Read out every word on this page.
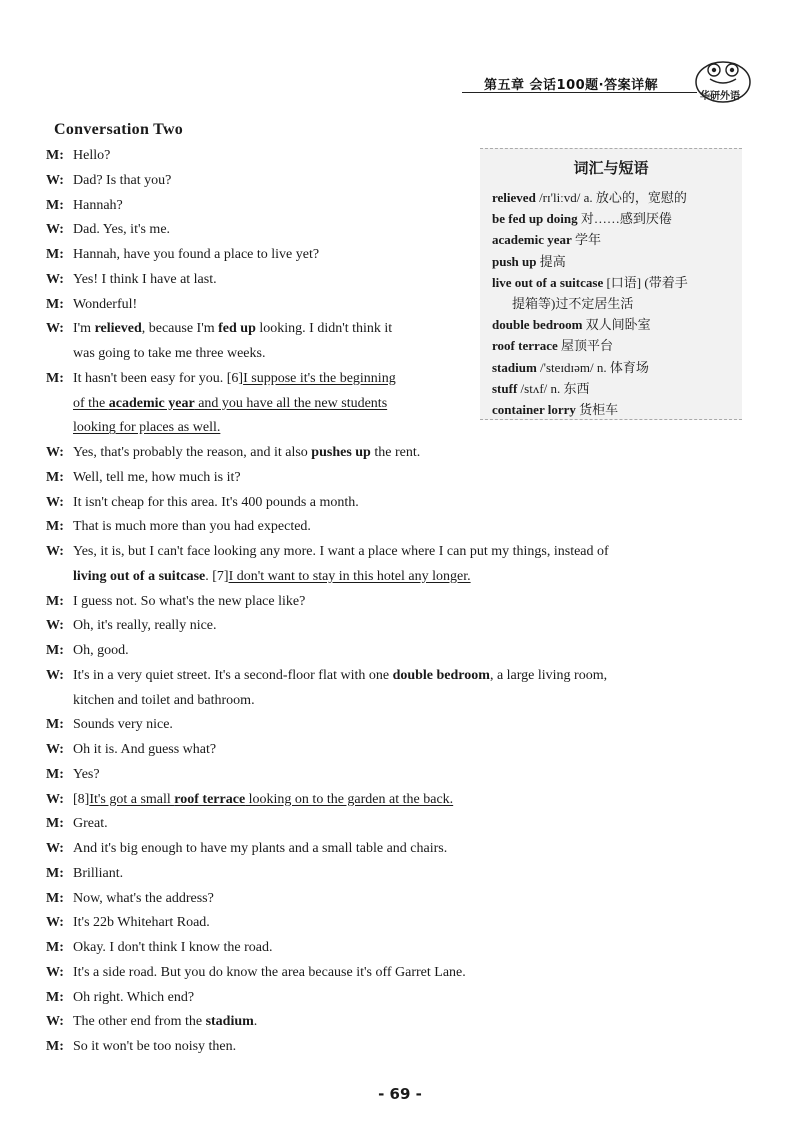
第五章 会话100题·答案详解
华研外语
Conversation Two
M: Hello?
W: Dad? Is that you?
M: Hannah?
W: Dad. Yes, it's me.
M: Hannah, have you found a place to live yet?
W: Yes! I think I have at last.
M: Wonderful!
W: I'm relieved, because I'm fed up looking. I didn't think it
was going to take me three weeks.
M: It hasn't been easy for you. [6]I suppose it's the beginning
of the academic year and you have all the new students
looking for places as well.
W: Yes, that's probably the reason, and it also pushes up the rent.
M: Well, tell me, how much is it?
W: It isn't cheap for this area. It's 400 pounds a month.
M: That is much more than you had expected.
W: Yes, it is, but I can't face looking any more. I want a place where I can put my things, instead of
living out of a suitcase. [7]I don't want to stay in this hotel any longer.
M: I guess not. So what's the new place like?
W: Oh, it's really, really nice.
M: Oh, good.
W: It's in a very quiet street. It's a second-floor flat with one double bedroom, a large living room,
kitchen and toilet and bathroom.
M: Sounds very nice.
W: Oh it is. And guess what?
M: Yes?
W: [8]It's got a small roof terrace looking on to the garden at the back.
M: Great.
W: And it's big enough to have my plants and a small table and chairs.
M: Brilliant.
M: Now, what's the address?
W: It's 22b Whitehart Road.
M: Okay. I don't think I know the road.
W: It's a side road. But you do know the area because it's off Garret Lane.
M: Oh right. Which end?
W: The other end from the stadium.
M: So it won't be too noisy then.
词汇与短语
relieved /rɪ'liːvd/ a. 放心的，宽慰的
be fed up doing 对……感到厌倦
academic year 学年
push up 提高
live out of a suitcase [口语] (带着手
提箱等)过不定居生活
double bedroom 双人间卧室
roof terrace 屋顶平台
stadium /'steɪdɪəm/ n. 体育场
stuff /stʌf/ n. 东西
container lorry 货柜车
- 69 -
